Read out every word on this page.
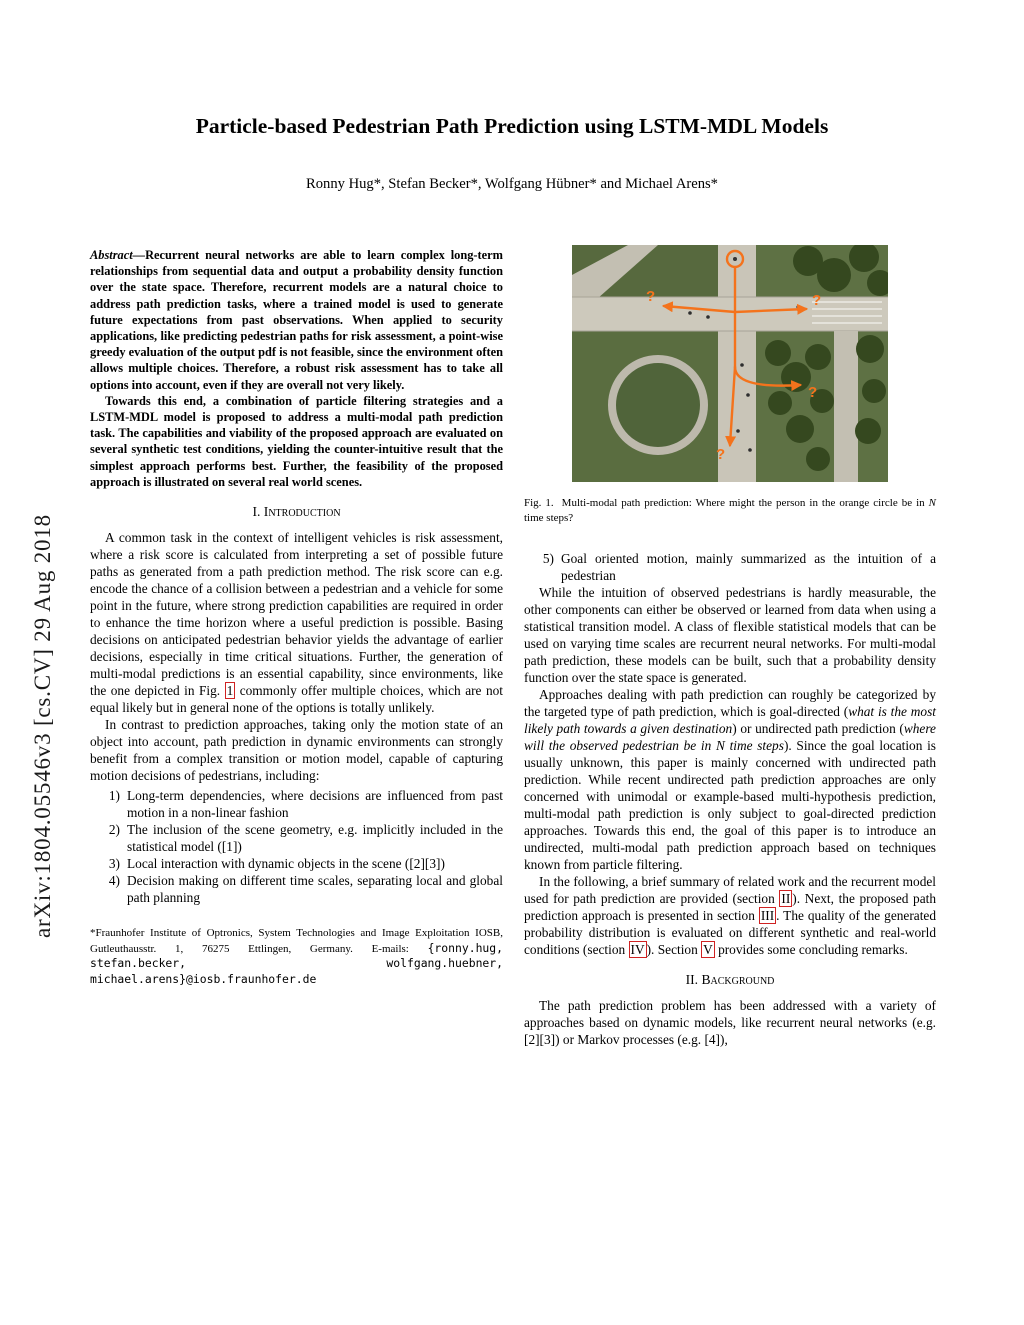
arXiv:1804.05546v3 [cs.CV] 29 Aug 2018
Particle-based Pedestrian Path Prediction using LSTM-MDL Models
Ronny Hug*, Stefan Becker*, Wolfgang Hübner* and Michael Arens*

Abstract—Recurrent neural networks are able to learn complex long-term relationships from sequential data and output a probability density function over the state space. Therefore, recurrent models are a natural choice to address path prediction tasks, where a trained model is used to generate future expectations from past observations. When applied to security applications, like predicting pedestrian paths for risk assessment, a point-wise greedy evaluation of the output pdf is not feasible, since the environment often allows multiple choices. Therefore, a robust risk assessment has to take all options into account, even if they are overall not very likely.

Towards this end, a combination of particle filtering strategies and a LSTM-MDL model is proposed to address a multi-modal path prediction task. The capabilities and viability of the proposed approach are evaluated on several synthetic test conditions, yielding the counter-intuitive result that the simplest approach performs best. Further, the feasibility of the proposed approach is illustrated on several real world scenes.

I. Introduction

A common task in the context of intelligent vehicles is risk assessment, where a risk score is calculated from interpreting a set of possible future paths as generated from a path prediction method. The risk score can e.g. encode the chance of a collision between a pedestrian and a vehicle for some point in the future, where strong prediction capabilities are required in order to enhance the time horizon where a useful prediction is possible. Basing decisions on anticipated pedestrian behavior yields the advantage of earlier decisions, especially in time critical situations. Further, the generation of multi-modal predictions is an essential capability, since environments, like the one depicted in Fig. 1 commonly offer multiple choices, which are not equal likely but in general none of the options is totally unlikely.

In contrast to prediction approaches, taking only the motion state of an object into account, path prediction in dynamic environments can strongly benefit from a complex transition or motion model, capable of capturing motion decisions of pedestrians, including:

1) Long-term dependencies, where decisions are influenced from past motion in a non-linear fashion
2) The inclusion of the scene geometry, e.g. implicitly included in the statistical model ([1])
3) Local interaction with dynamic objects in the scene ([2][3])
4) Decision making on different time scales, separating local and global path planning

*Fraunhofer Institute of Optronics, System Technologies and Image Exploitation IOSB, Gutleuthausstr. 1, 76275 Ettlingen, Germany. E-mails: {ronny.hug, stefan.becker, wolfgang.huebner, michael.arens}@iosb.fraunhofer.de

?	?
?
?

Fig. 1. Multi-modal path prediction: Where might the person in the orange circle be in N time steps?

5) Goal oriented motion, mainly summarized as the intuition of a pedestrian

While the intuition of observed pedestrians is hardly measurable, the other components can either be observed or learned from data when using a statistical transition model. A class of flexible statistical models that can be used on varying time scales are recurrent neural networks. For multi-modal path prediction, these models can be built, such that a probability density function over the state space is generated.

Approaches dealing with path prediction can roughly be categorized by the targeted type of path prediction, which is goal-directed (what is the most likely path towards a given destination) or undirected path prediction (where will the observed pedestrian be in N time steps). Since the goal location is usually unknown, this paper is mainly concerned with undirected path prediction. While recent undirected path prediction approaches are only concerned with unimodal or example-based multi-hypothesis prediction, multi-modal path prediction is only subject to goal-directed prediction approaches. Towards this end, the goal of this paper is to introduce an undirected, multi-modal path prediction approach based on techniques known from particle filtering.

In the following, a brief summary of related work and the recurrent model used for path prediction are provided (section II ). Next, the proposed path prediction approach is presented in section III . The quality of the generated probability distribution is evaluated on different synthetic and real-world conditions (section IV ). Section V provides some concluding remarks.

II. Background

The path prediction problem has been addressed with a variety of approaches based on dynamic models, like recurrent neural networks (e.g. [2][3]) or Markov processes (e.g. [4]),
